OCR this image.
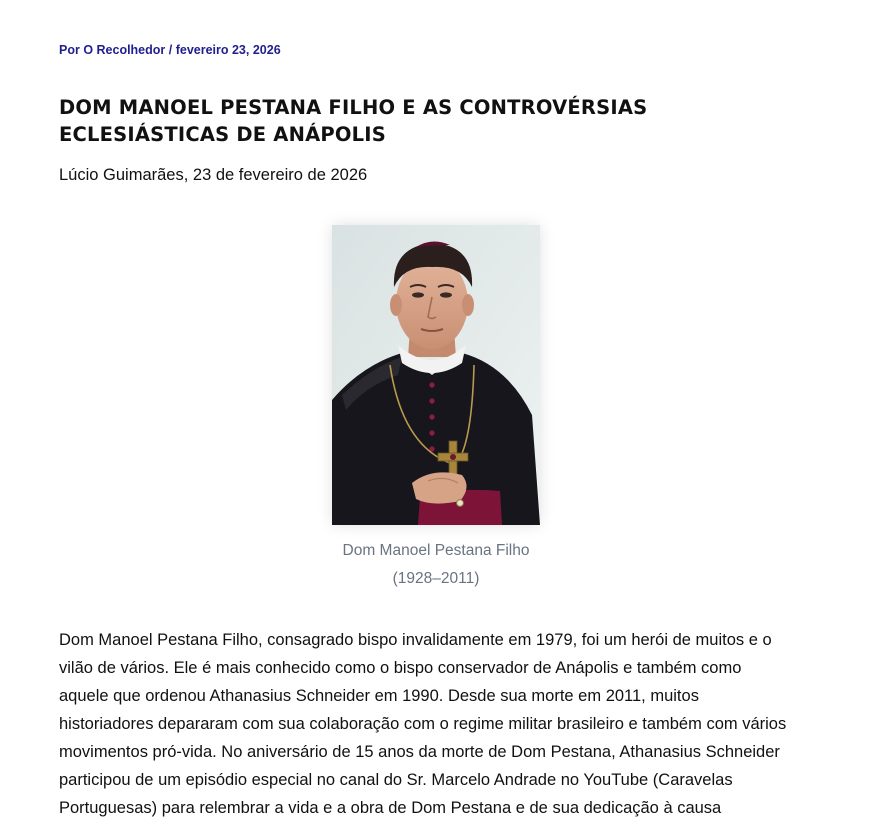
Por O Recolhedor / fevereiro 23, 2026
DOM MANOEL PESTANA FILHO E AS CONTROVÉRSIAS
ECLESIÁSTICAS DE ANÁPOLIS
Lúcio Guimarães, 23 de fevereiro de 2026
Dom Manoel Pestana Filho
(1928–2011)

Dom Manoel Pestana Filho, consagrado bispo invalidamente em 1979, foi um herói de muitos e o
vilão de vários. Ele é mais conhecido como o bispo conservador de Anápolis e também como
aquele que ordenou Athanasius Schneider em 1990. Desde sua morte em 2011, muitos
historiadores depararam com sua colaboração com o regime militar brasileiro e também com vários
movimentos pró-vida. No aniversário de 15 anos da morte de Dom Pestana, Athanasius Schneider
participou de um episódio especial no canal do Sr. Marcelo Andrade no YouTube (Caravelas
Portuguesas) para relembrar a vida e a obra de Dom Pestana e de sua dedicação à causa
